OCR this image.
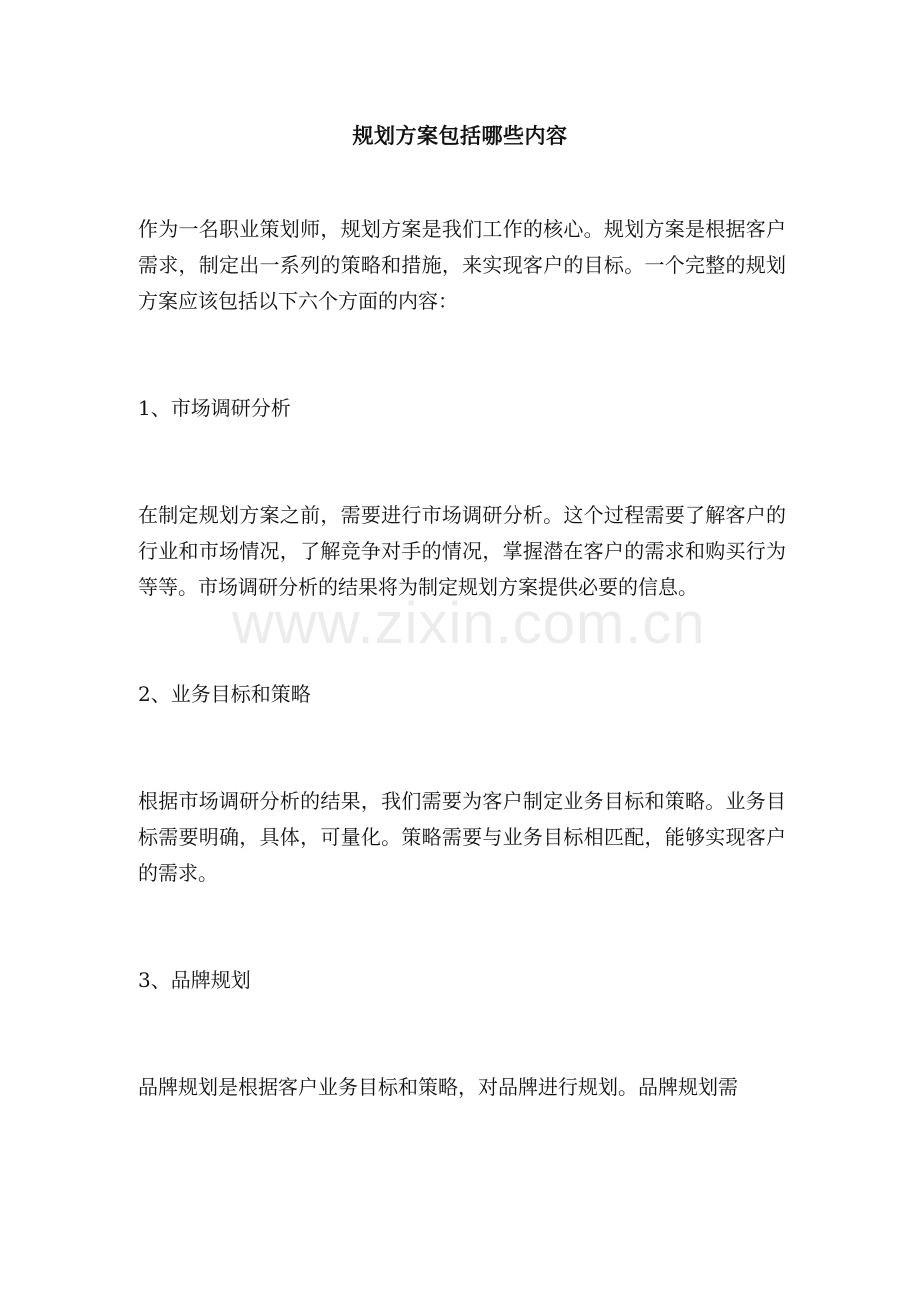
规划方案包括哪些内容

作为一名职业策划师，规划方案是我们工作的核心。规划方案是根据客户需求，制定出一系列的策略和措施，来实现客户的目标。一个完整的规划方案应该包括以下六个方面的内容：

1、市场调研分析

在制定规划方案之前，需要进行市场调研分析。这个过程需要了解客户的行业和市场情况，了解竞争对手的情况，掌握潜在客户的需求和购买行为等等。市场调研分析的结果将为制定规划方案提供必要的信息。

2、业务目标和策略

根据市场调研分析的结果，我们需要为客户制定业务目标和策略。业务目标需要明确，具体，可量化。策略需要与业务目标相匹配，能够实现客户的需求。

3、品牌规划

品牌规划是根据客户业务目标和策略，对品牌进行规划。品牌规划需

www.zixin.com.cn
